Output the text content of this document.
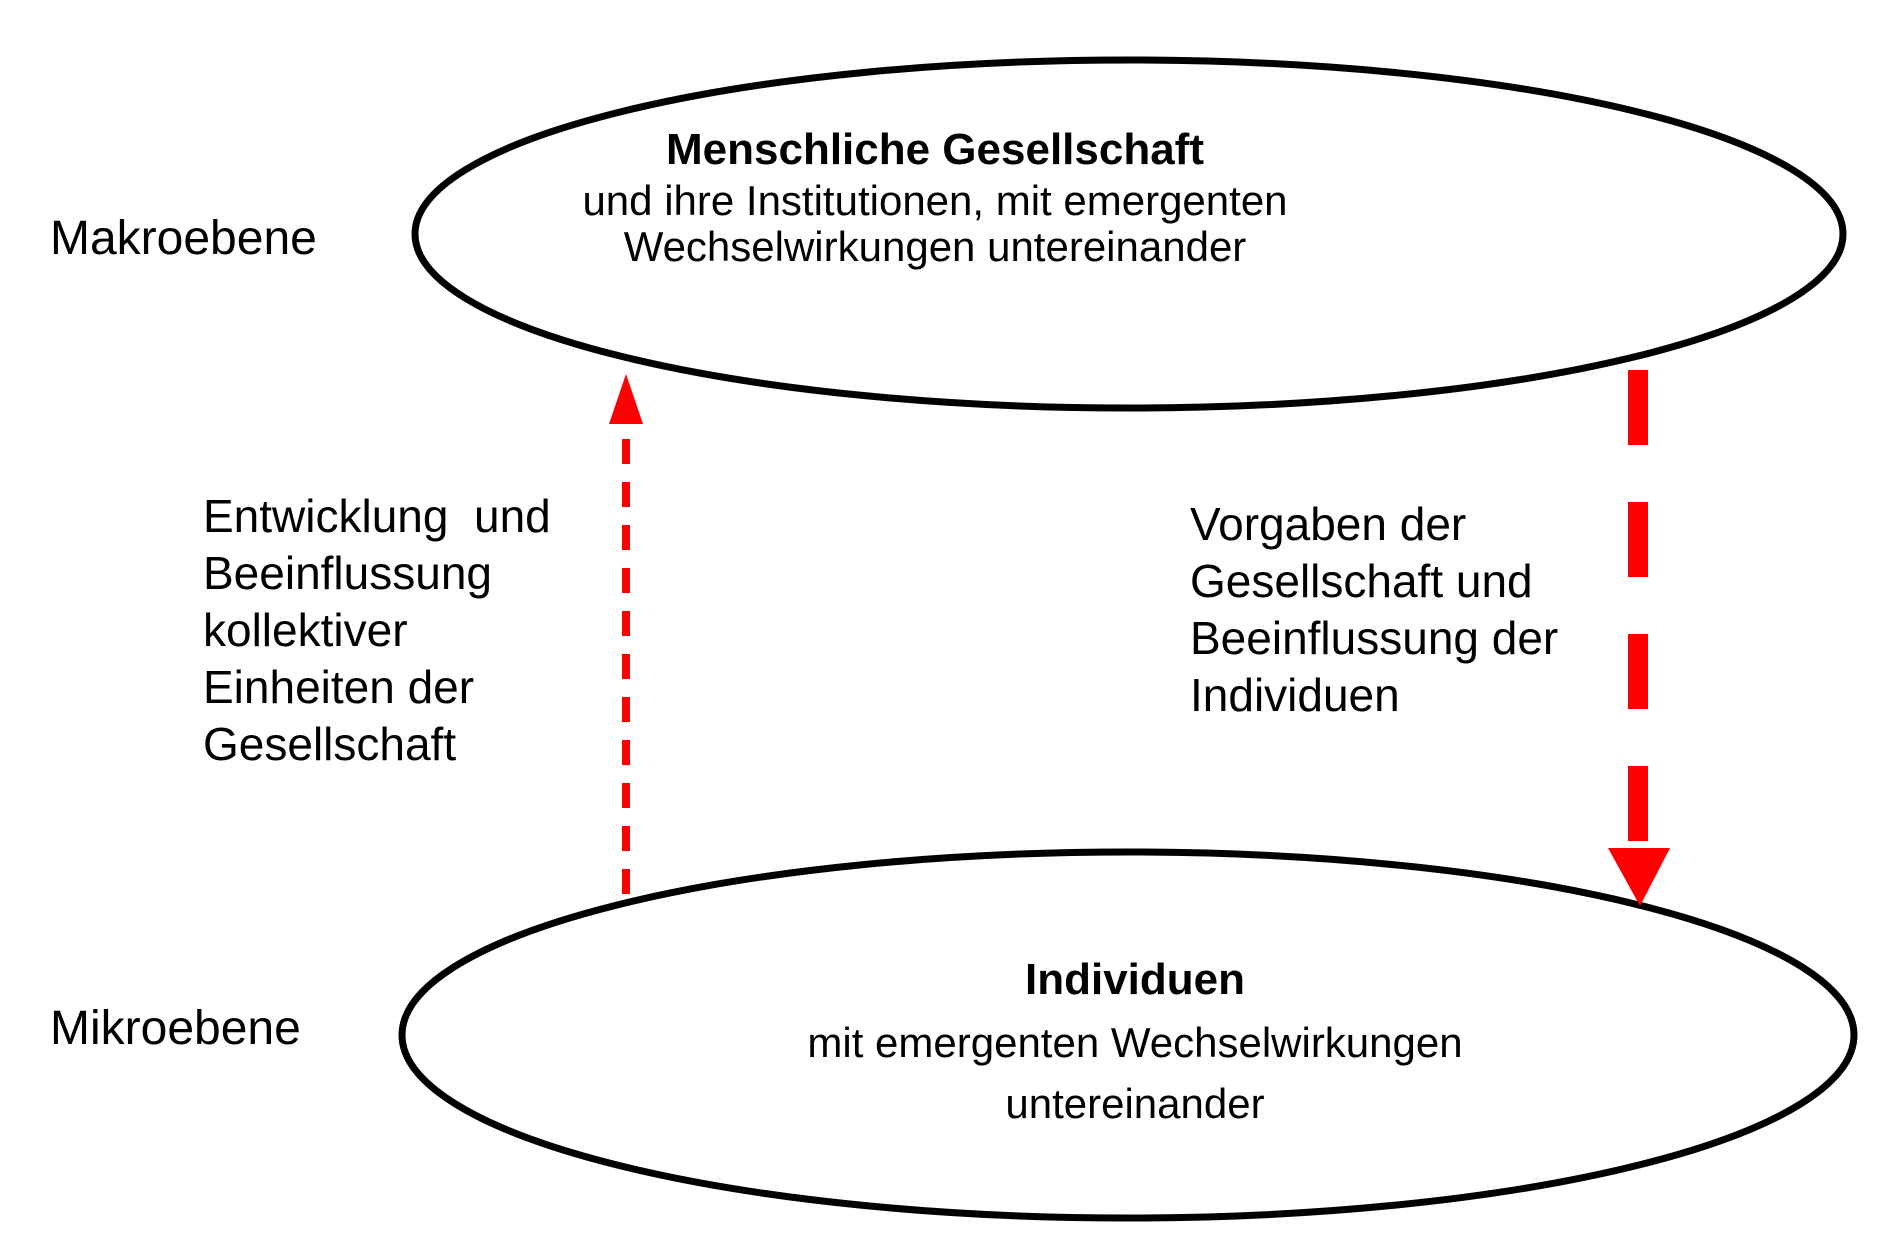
Makroebene
Mikroebene
Menschliche Gesellschaft
und ihre Institutionen, mit emergenten
Wechselwirkungen untereinander
Individuen
mit emergenten Wechselwirkungen
untereinander
Entwicklung  und
Beeinflussung
kollektiver
Einheiten der
Gesellschaft
Vorgaben der
Gesellschaft und
Beeinflussung der
Individuen
